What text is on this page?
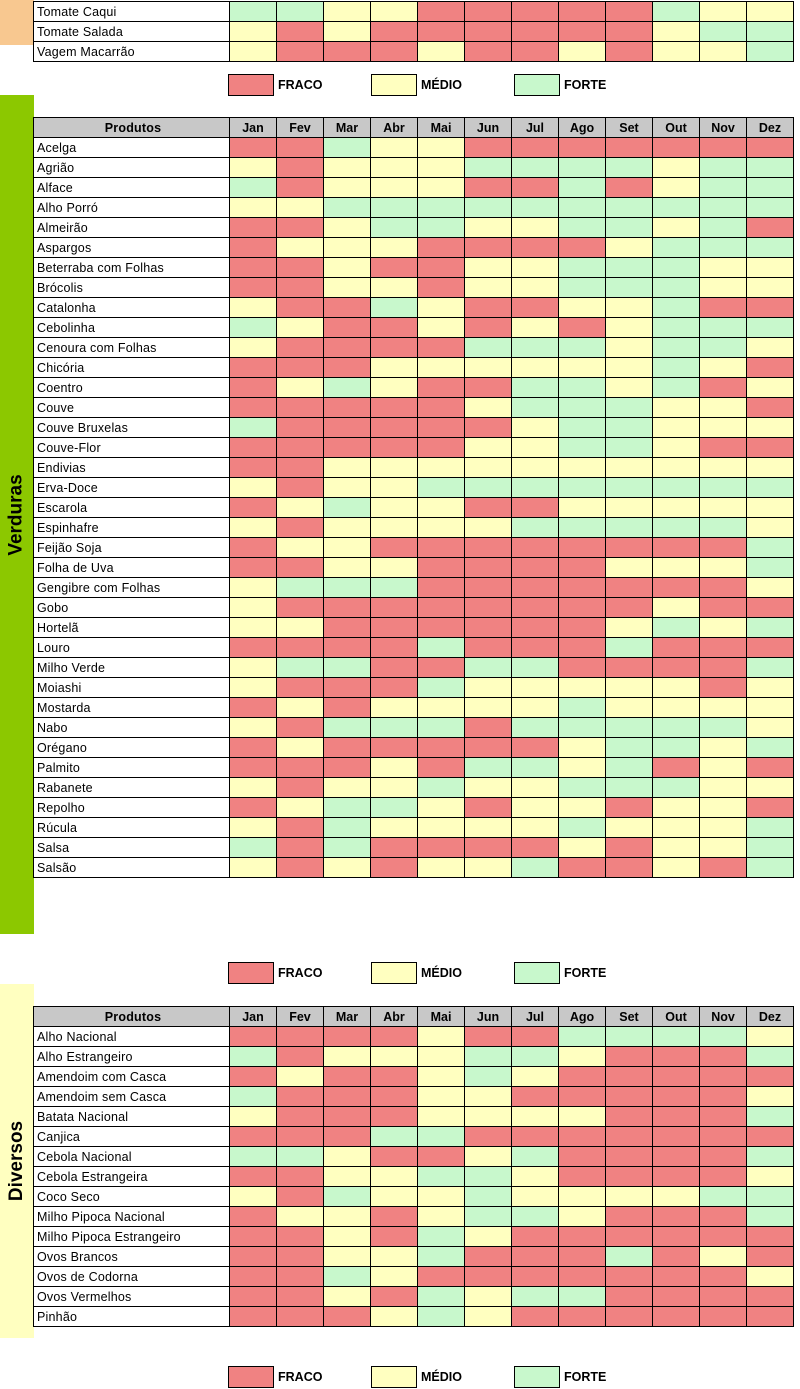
Tomate Caqui												
Tomate Salada												
Vagem Macarrão												
FRACO	MÉDIO	FORTE
Verduras
Produtos	Jan	Fev	Mar	Abr	Mai	Jun	Jul	Ago	Set	Out	Nov	Dez
Acelga												
Agrião												
Alface												
Alho Porró												
Almeirão												
Aspargos												
Beterraba com Folhas												
Brócolis												
Catalonha												
Cebolinha												
Cenoura com Folhas												
Chicória												
Coentro												
Couve												
Couve Bruxelas												
Couve-Flor												
Endivias												
Erva-Doce												
Escarola												
Espinhafre												
Feijão Soja												
Folha de Uva												
Gengibre com Folhas												
Gobo												
Hortelã												
Louro												
Milho Verde												
Moiashi												
Mostarda												
Nabo												
Orégano												
Palmito												
Rabanete												
Repolho												
Rúcula												
Salsa												
Salsão												
FRACO	MÉDIO	FORTE
Diversos
Produtos	Jan	Fev	Mar	Abr	Mai	Jun	Jul	Ago	Set	Out	Nov	Dez
Alho Nacional												
Alho Estrangeiro												
Amendoim com Casca												
Amendoim sem Casca												
Batata Nacional												
Canjica												
Cebola Nacional												
Cebola Estrangeira												
Coco Seco												
Milho Pipoca Nacional												
Milho Pipoca Estrangeiro												
Ovos Brancos												
Ovos de Codorna												
Ovos Vermelhos												
Pinhão												
FRACO	MÉDIO	FORTE
